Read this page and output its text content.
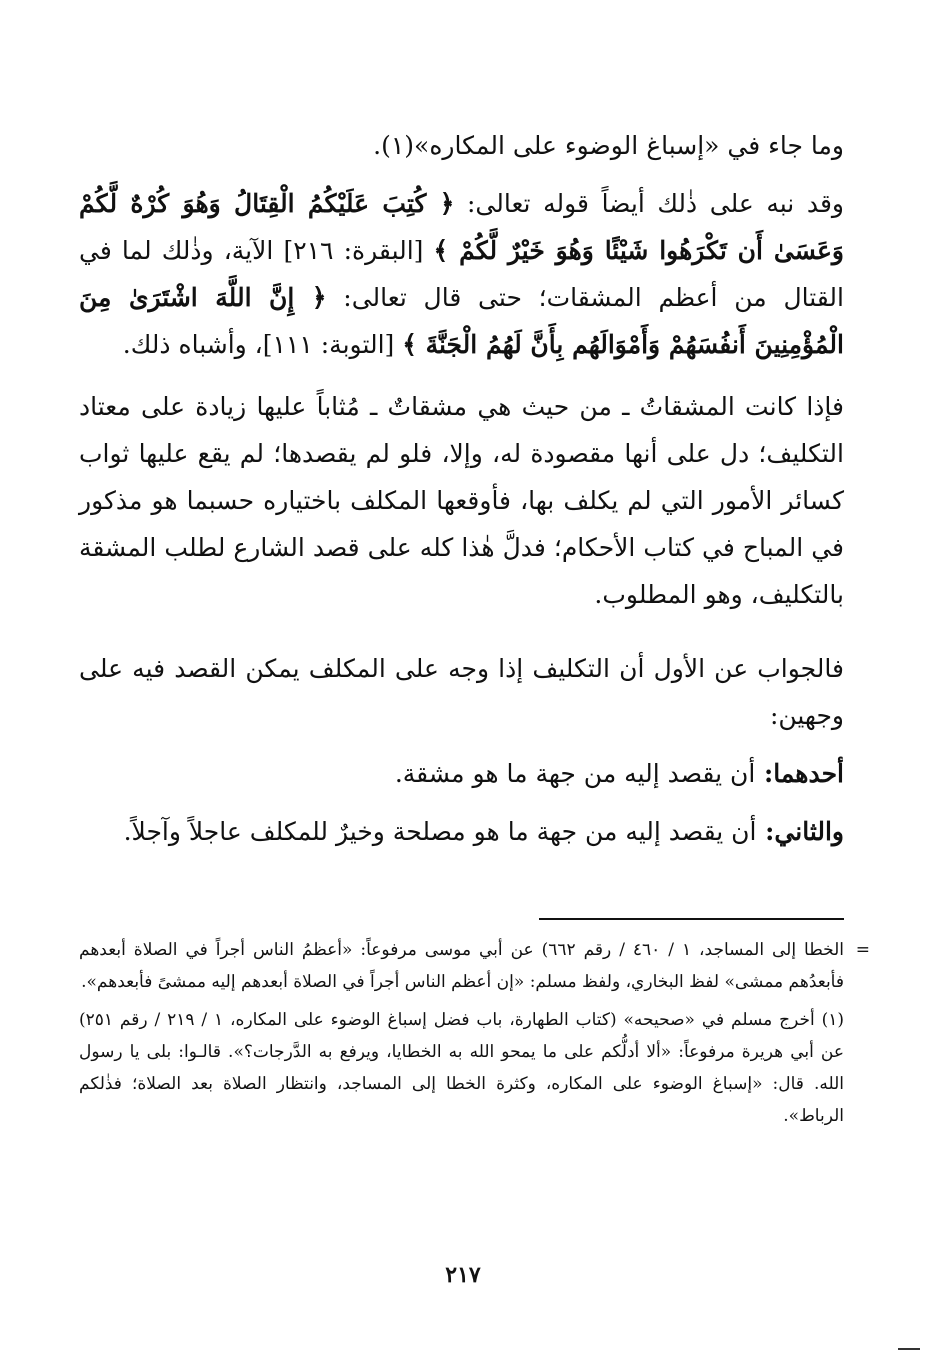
وما جاء في «إسباغ الوضوء على المكاره»(١).

وقد نبه على ذٰلك أيضاً قوله تعالى: ﴿ كُتِبَ عَلَيْكُمُ الْقِتَالُ وَهُوَ كُرْهٌ لَّكُمْ وَعَسَىٰ أَن تَكْرَهُوا شَيْئًا وَهُوَ خَيْرٌ لَّكُمْ ﴾ [البقرة: ٢١٦] الآية، وذٰلك لما في القتال من أعظم المشقات؛ حتى قال تعالى: ﴿ إِنَّ اللَّهَ اشْتَرَىٰ مِنَ الْمُؤْمِنِينَ أَنفُسَهُمْ وَأَمْوَالَهُم بِأَنَّ لَهُمُ الْجَنَّةَ ﴾ [التوبة: ١١١]، وأشباه ذلك.

فإذا كانت المشقاتُ ـ من حيث هي مشقاتٌ ـ مُثاباً عليها زيادة على معتاد التكليف؛ دل على أنها مقصودة له، وإلا، فلو لم يقصدها؛ لم يقع عليها ثواب كسائر الأمور التي لم يكلف بها، فأوقعها المكلف باختياره حسبما هو مذكور في المباح في كتاب الأحكام؛ فدلَّ هٰذا كله على قصد الشارع لطلب المشقة بالتكليف، وهو المطلوب.

فالجواب عن الأول أن التكليف إذا وجه على المكلف يمكن القصد فيه على وجهين:

أحدهما: أن يقصد إليه من جهة ما هو مشقة.

والثاني: أن يقصد إليه من جهة ما هو مصلحة وخيرٌ للمكلف عاجلاً وآجلاً.

=
الخطا إلى المساجد، ١ / ٤٦٠ / رقم ٦٦٢) عن أبي موسى مرفوعاً: «أعظمُ الناس أجراً في الصلاة أبعدهم فأبعدُهم ممشى» لفظ البخاري، ولفظ مسلم: «إن أعظم الناس أجراً في الصلاة أبعدهم إليه ممشىً فأبعدهم».
(١) أخرج مسلم في «صحيحه» (كتاب الطهارة، باب فضل إسباغ الوضوء على المكاره، ١ / ٢١٩ / رقم ٢٥١) عن أبي هريرة مرفوعاً: «ألا أدلُّكم على ما يمحو الله به الخطايا، ويرفع به الدَّرجات؟». قالـوا: بلى يا رسول الله. قال: «إسباغ الوضوء على المكاره، وكثرة الخطا إلى المساجد، وانتظار الصلاة بعد الصلاة؛ فذٰلكم الرباط».
٢١٧
